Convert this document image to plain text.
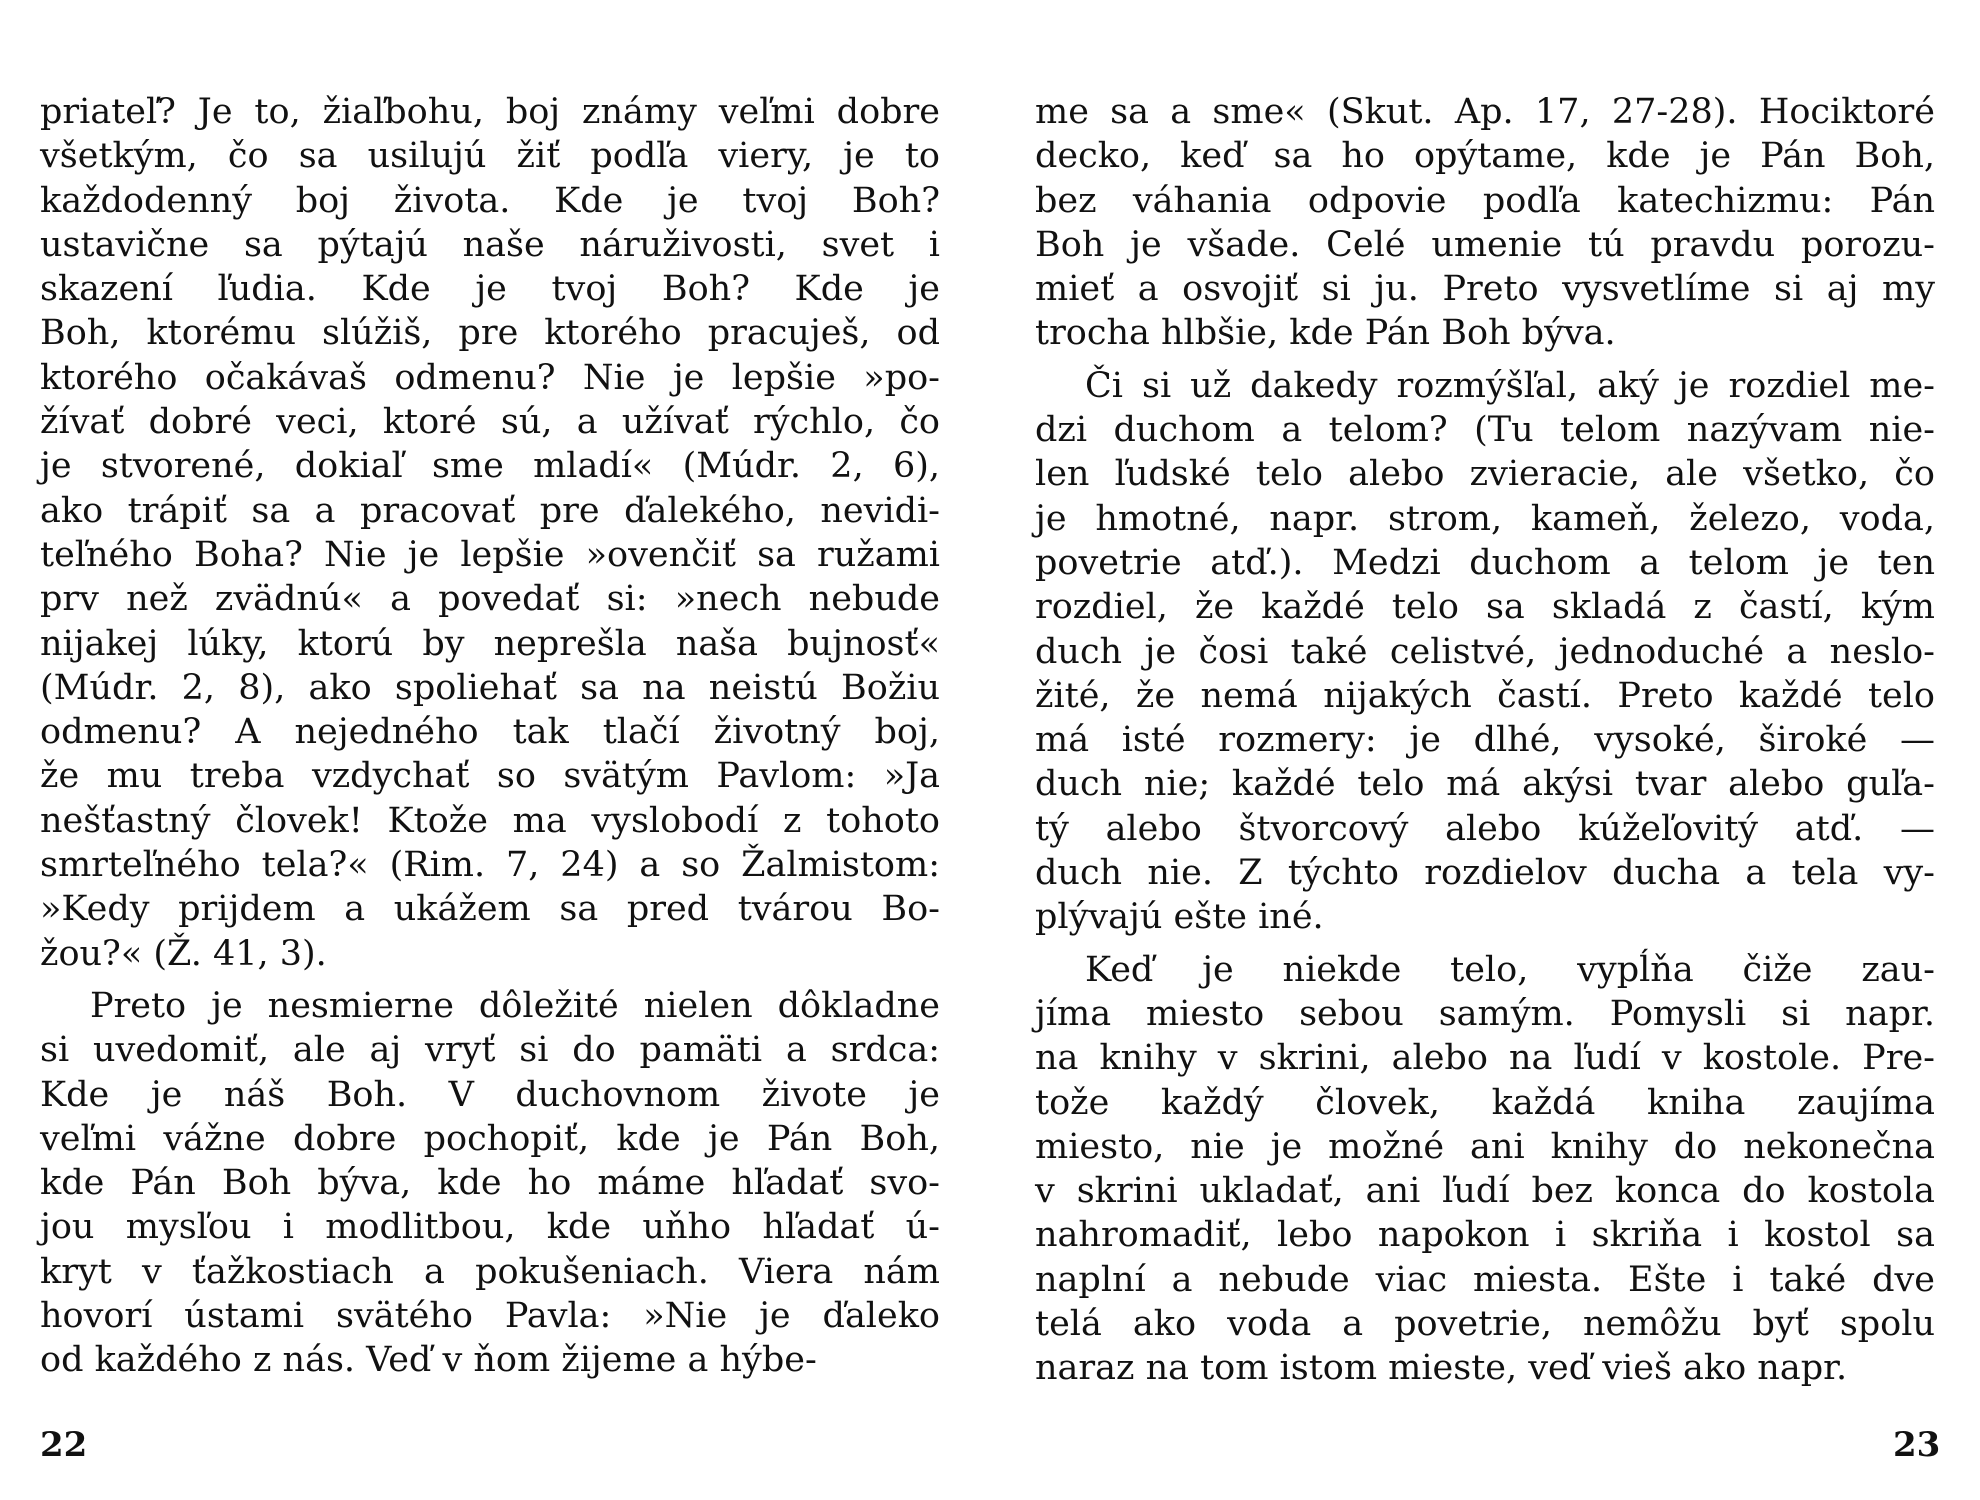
priateľ? Je to, žiaľbohu, boj známy veľmi dobre
všetkým, čo sa usilujú žiť podľa viery, je to
každodenný boj života. Kde je tvoj Boh?
ustavične sa pýtajú naše náruživosti, svet i
skazení ľudia. Kde je tvoj Boh? Kde je
Boh, ktorému slúžiš, pre ktorého pracuješ, od
ktorého očakávaš odmenu? Nie je lepšie »po-
žívať dobré veci, ktoré sú, a užívať rýchlo, čo
je stvorené, dokiaľ sme mladí« (Múdr. 2, 6),
ako trápiť sa a pracovať pre ďalekého, nevidi-
teľného Boha? Nie je lepšie »ovenčiť sa ružami
prv než zvädnú« a povedať si: »nech nebude
nijakej lúky, ktorú by neprešla naša bujnosť«
(Múdr. 2, 8), ako spoliehať sa na neistú Božiu
odmenu? A nejedného tak tlačí životný boj,
že mu treba vzdychať so svätým Pavlom: »Ja
nešťastný človek! Ktože ma vyslobodí z tohoto
smrteľného tela?« (Rim. 7, 24) a so Žalmistom:
»Kedy prijdem a ukážem sa pred tvárou Bo-
žou?« (Ž. 41, 3).
Preto je nesmierne dôležité nielen dôkladne
si uvedomiť, ale aj vryť si do pamäti a srdca:
Kde je náš Boh. V duchovnom živote je
veľmi vážne dobre pochopiť, kde je Pán Boh,
kde Pán Boh býva, kde ho máme hľadať svo-
jou mysľou i modlitbou, kde uňho hľadať ú-
kryt v ťažkostiach a pokušeniach. Viera nám
hovorí ústami svätého Pavla: »Nie je ďaleko
od každého z nás. Veď v ňom žijeme a hýbe-
me sa a sme« (Skut. Ap. 17, 27-28). Hociktoré
decko, keď sa ho opýtame, kde je Pán Boh,
bez váhania odpovie podľa katechizmu: Pán
Boh je všade. Celé umenie tú pravdu porozu-
mieť a osvojiť si ju. Preto vysvetlíme si aj my
trocha hlbšie, kde Pán Boh býva.
Či si už dakedy rozmýšľal, aký je rozdiel me-
dzi duchom a telom? (Tu telom nazývam nie-
len ľudské telo alebo zvieracie, ale všetko, čo
je hmotné, napr. strom, kameň, železo, voda,
povetrie atď.). Medzi duchom a telom je ten
rozdiel, že každé telo sa skladá z častí, kým
duch je čosi také celistvé, jednoduché a neslo-
žité, že nemá nijakých častí. Preto každé telo
má isté rozmery: je dlhé, vysoké, široké —
duch nie; každé telo má akýsi tvar alebo guľa-
tý alebo štvorcový alebo kúžeľovitý atď. —
duch nie. Z týchto rozdielov ducha a tela vy-
plývajú ešte iné.
Keď je niekde telo, vypĺňa čiže zau-
jíma miesto sebou samým. Pomysli si napr.
na knihy v skrini, alebo na ľudí v kostole. Pre-
tože každý človek, každá kniha zaujíma
miesto, nie je možné ani knihy do nekonečna
v skrini ukladať, ani ľudí bez konca do kostola
nahromadiť, lebo napokon i skriňa i kostol sa
naplní a nebude viac miesta. Ešte i také dve
telá ako voda a povetrie, nemôžu byť spolu
naraz na tom istom mieste, veď vieš ako napr.
22	23
